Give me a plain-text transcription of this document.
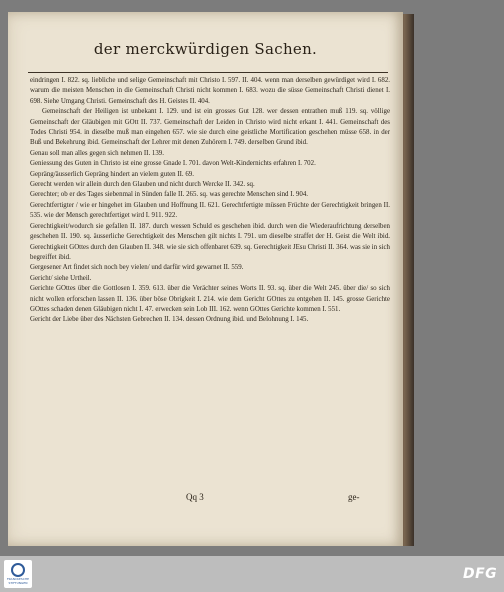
der merckwürdigen Sachen.

eindringen I. 822. sq. liebliche und selige Gemeinschaft mit Christo I. 597. II. 404. wenn man derselben gewürdiget wird I. 682. warum die meisten Menschen in die Gemeinschaft Christi nicht kommen I. 683. wozu die süsse Gemeinschaft Christi dienet I. 698. Siehe Umgang Christi. Gemeinschaft des H. Geistes II. 404.

Gemeinschaft der Heiligen ist unbekant I. 129. und ist ein grosses Gut 128. wer dessen entrathen muß 119. sq. völlige Gemeinschaft der Gläubigen mit GOtt II. 737. Gemeinschaft der Leiden in Christo wird nicht erkant I. 441. Gemeinschaft des Todes Christi 954. in dieselbe muß man eingehen 657. wie sie durch eine geistliche Mortification geschehen müsse 658. in der Buß und Bekehrung ibid. Gemeinschaft der Lehrer mit denen Zuhörern I. 749. derselben Grund ibid.

Genau soll man alles gegen sich nehmen II. 139.

Geniessung des Guten in Christo ist eine grosse Gnade I. 701. davon Welt-Kindernichts erfahren I. 702.

Gepräng/äusserlich Gepräng hindert an vielem guten II. 69.

Gerecht werden wir allein durch den Glauben und nicht durch Wercke II. 342. sq.

Gerechter; ob er des Tages siebenmal in Sünden falle II. 265. sq. was gerechte Menschen sind I. 904.

Gerechtfertigter / wie er hingehet im Glauben und Hoffnung II. 621. Gerechtfertigte müssen Früchte der Gerechtigkeit bringen II. 535. wie der Mensch gerechtfertiget wird I. 911. 922.

Gerechtigkeit/wodurch sie gefallen II. 187. durch wessen Schuld es geschehen ibid. durch wen die Wiederaufrichtung derselben geschehen II. 190. sq. äusserliche Gerechtigkeit des Menschen gilt nichts I. 791. um dieselbe straffet der H. Geist die Welt ibid. Gerechtigkeit GOttes durch den Glauben II. 348. wie sie sich offenbaret 639. sq. Gerechtigkeit JEsu Christi II. 364. was sie in sich begreiffet ibid.

Gergesener Art findet sich noch bey vielen/ und darfür wird gewarnet II. 559.

Gericht/ siehe Urtheil.

Gerichte GOttes über die Gottlosen I. 359. 613. über die Verächter seines Worts II. 93. sq. über die Welt 245. über die/ so sich nicht wollen erforschen lassen II. 136. über böse Obrigkeit I. 214. wie dem Gericht GOttes zu entgehen II. 145. grosse Gerichte GOttes schaden denen Gläubigen nicht I. 47. erwecken sein Lob III. 162. wenn GOttes Gerichte kommen I. 551.

Gericht der Liebe über des Nächsten Gebrechen II. 134. dessen Ordnung ibid. und Belohnung I. 145.

Qq 3	ge-
FRANCKESCHE STIFTUNGEN
DFG
